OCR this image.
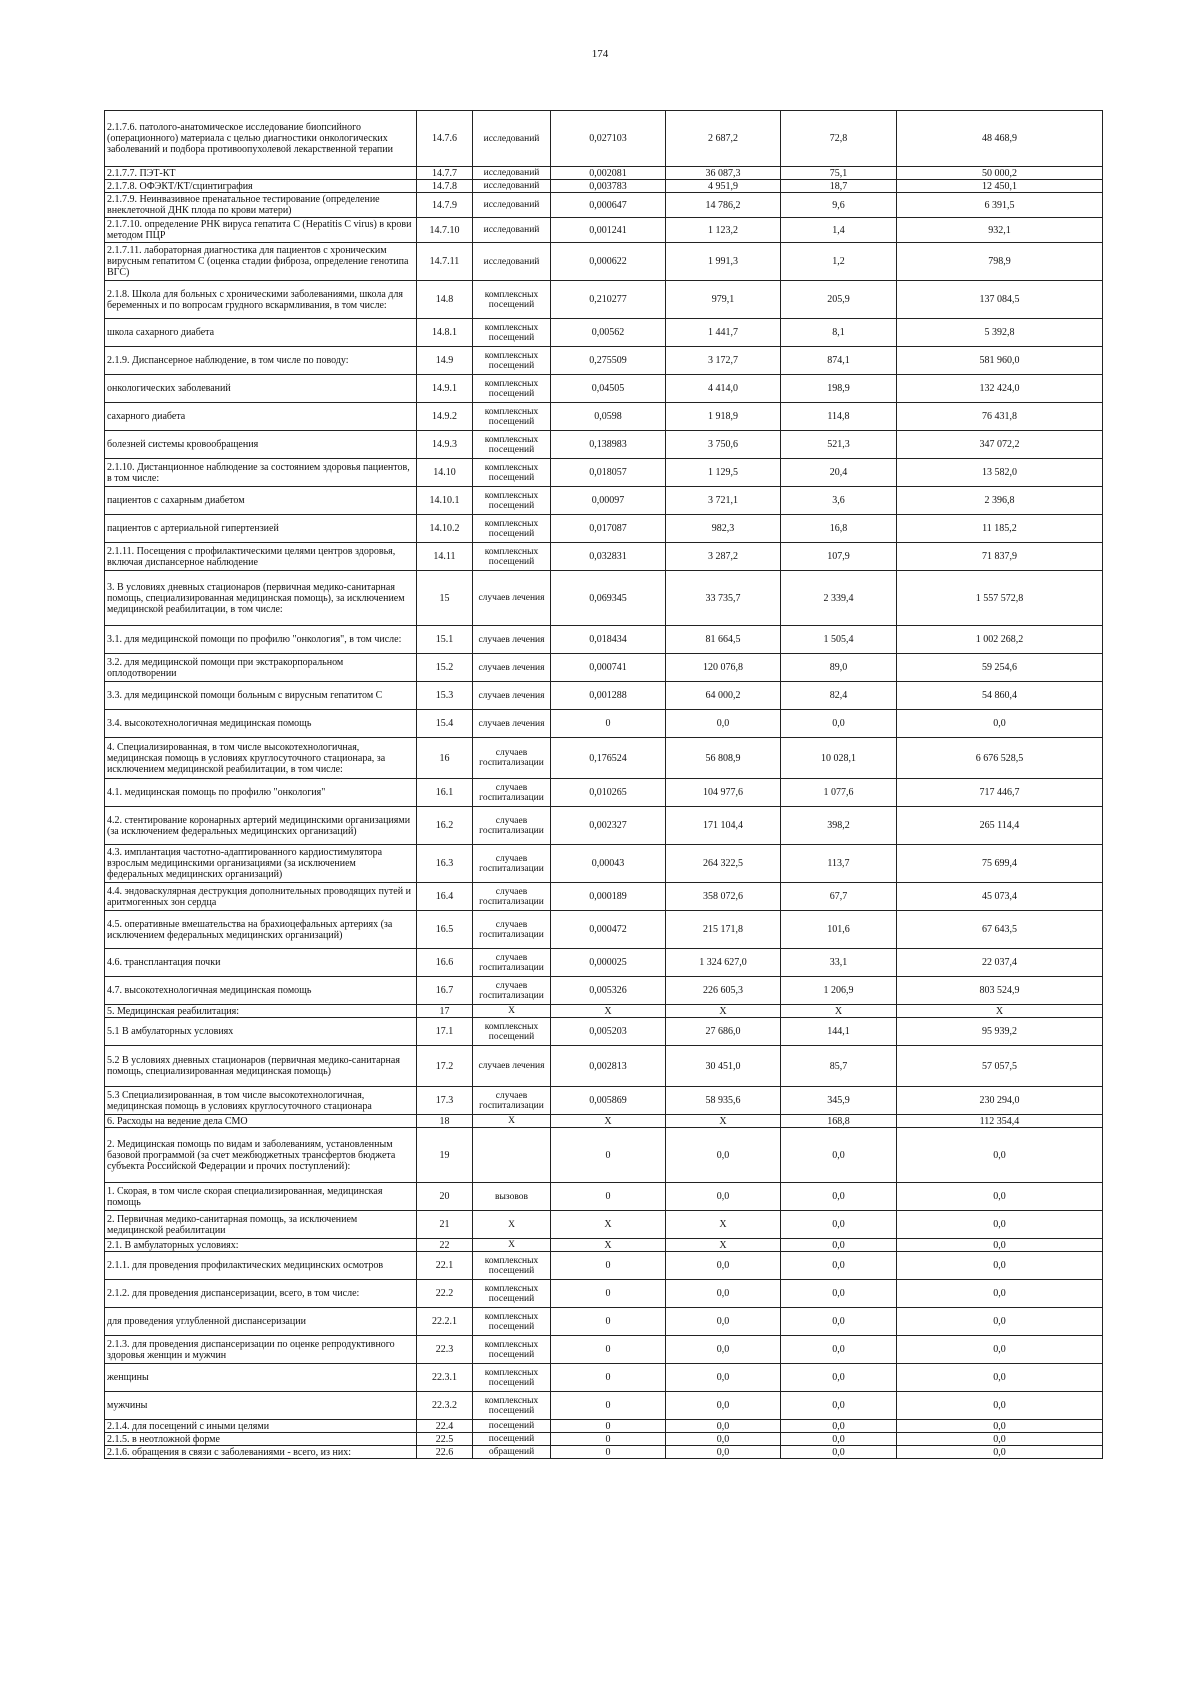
174
2.1.7.6. патолого-анатомическое исследование биопсийного (операционного) материала с целью диагностики онкологических заболеваний и подбора противоопухолевой лекарственной терапии	14.7.6	исследований	0,027103	2 687,2	72,8	48 468,9
2.1.7.7. ПЭТ-КТ	14.7.7	исследований	0,002081	36 087,3	75,1	50 000,2
2.1.7.8. ОФЭКТ/КТ/сцинтиграфия	14.7.8	исследований	0,003783	4 951,9	18,7	12 450,1
2.1.7.9. Неинвазивное пренатальное тестирование (определение внеклеточной ДНК плода по крови матери)	14.7.9	исследований	0,000647	14 786,2	9,6	6 391,5
2.1.7.10. определение РНК вируса гепатита С (Hepatitis C virus) в крови методом ПЦР	14.7.10	исследований	0,001241	1 123,2	1,4	932,1
2.1.7.11. лабораторная диагностика для пациентов с хроническим вирусным гепатитом С (оценка стадии фиброза, определение генотипа ВГС)	14.7.11	исследований	0,000622	1 991,3	1,2	798,9
2.1.8. Школа для больных с хроническими заболеваниями, школа для беременных и по вопросам грудного вскармливания, в том числе:	14.8	комплексных посещений	0,210277	979,1	205,9	137 084,5
школа сахарного диабета	14.8.1	комплексных посещений	0,00562	1 441,7	8,1	5 392,8
2.1.9. Диспансерное наблюдение, в том числе по поводу:	14.9	комплексных посещений	0,275509	3 172,7	874,1	581 960,0
онкологических заболеваний	14.9.1	комплексных посещений	0,04505	4 414,0	198,9	132 424,0
сахарного диабета	14.9.2	комплексных посещений	0,0598	1 918,9	114,8	76 431,8
болезней системы кровообращения	14.9.3	комплексных посещений	0,138983	3 750,6	521,3	347 072,2
2.1.10. Дистанционное наблюдение за состоянием здоровья пациентов, в том числе:	14.10	комплексных посещений	0,018057	1 129,5	20,4	13 582,0
пациентов с сахарным диабетом	14.10.1	комплексных посещений	0,00097	3 721,1	3,6	2 396,8
пациентов с артериальной гипертензией	14.10.2	комплексных посещений	0,017087	982,3	16,8	11 185,2
2.1.11. Посещения с профилактическими целями центров здоровья, включая диспансерное наблюдение	14.11	комплексных посещений	0,032831	3 287,2	107,9	71 837,9
3. В условиях дневных стационаров (первичная медико-санитарная помощь, специализированная медицинская помощь), за исключением медицинской реабилитации, в том числе:	15	случаев лечения	0,069345	33 735,7	2 339,4	1 557 572,8
3.1. для медицинской помощи по профилю "онкология", в том числе:	15.1	случаев лечения	0,018434	81 664,5	1 505,4	1 002 268,2
3.2. для медицинской помощи при экстракорпоральном оплодотворении	15.2	случаев лечения	0,000741	120 076,8	89,0	59 254,6
3.3. для медицинской помощи больным с вирусным гепатитом С	15.3	случаев лечения	0,001288	64 000,2	82,4	54 860,4
3.4. высокотехнологичная медицинская помощь	15.4	случаев лечения	0	0,0	0,0	0,0
4. Специализированная, в том числе высокотехнологичная, медицинская помощь в условиях круглосуточного стационара, за исключением медицинской реабилитации, в том числе:	16	случаев госпитализации	0,176524	56 808,9	10 028,1	6 676 528,5
4.1. медицинская помощь по профилю "онкология"	16.1	случаев госпитализации	0,010265	104 977,6	1 077,6	717 446,7
4.2. стентирование коронарных артерий медицинскими организациями (за исключением федеральных медицинских организаций)	16.2	случаев госпитализации	0,002327	171 104,4	398,2	265 114,4
4.3. имплантация частотно-адаптированного кардиостимулятора взрослым медицинскими организациями (за исключением федеральных медицинских организаций)	16.3	случаев госпитализации	0,00043	264 322,5	113,7	75 699,4
4.4. эндоваскулярная деструкция дополнительных проводящих путей и аритмогенных зон сердца	16.4	случаев госпитализации	0,000189	358 072,6	67,7	45 073,4
4.5. оперативные вмешательства на брахиоцефальных артериях (за исключением федеральных медицинских организаций)	16.5	случаев госпитализации	0,000472	215 171,8	101,6	67 643,5
4.6. трансплантация почки	16.6	случаев госпитализации	0,000025	1 324 627,0	33,1	22 037,4
4.7. высокотехнологичная медицинская помощь	16.7	случаев госпитализации	0,005326	226 605,3	1 206,9	803 524,9
5. Медицинская реабилитация:	17	X	X	X	X	X
5.1 В амбулаторных условиях	17.1	комплексных посещений	0,005203	27 686,0	144,1	95 939,2
5.2 В условиях дневных стационаров (первичная медико-санитарная помощь, специализированная медицинская помощь)	17.2	случаев лечения	0,002813	30 451,0	85,7	57 057,5
5.3 Специализированная, в том числе высокотехнологичная, медицинская помощь в условиях круглосуточного стационара	17.3	случаев госпитализации	0,005869	58 935,6	345,9	230 294,0
6. Расходы на ведение дела СМО	18	X	X	X	168,8	112 354,4
2. Медицинская помощь по видам и заболеваниям, установленным базовой программой (за счет межбюджетных трансфертов бюджета субъекта Российской Федерации и прочих поступлений):	19		0	0,0	0,0	0,0
1. Скорая, в том числе скорая специализированная, медицинская помощь	20	вызовов	0	0,0	0,0	0,0
2. Первичная медико-санитарная помощь, за исключением медицинской реабилитации	21	X	X	X	0,0	0,0
2.1. В амбулаторных условиях:	22	X	X	X	0,0	0,0
2.1.1. для проведения профилактических медицинских осмотров	22.1	комплексных посещений	0	0,0	0,0	0,0
2.1.2. для проведения диспансеризации, всего, в том числе:	22.2	комплексных посещений	0	0,0	0,0	0,0
для проведения углубленной диспансеризации	22.2.1	комплексных посещений	0	0,0	0,0	0,0
2.1.3. для проведения диспансеризации по оценке репродуктивного здоровья женщин и мужчин	22.3	комплексных посещений	0	0,0	0,0	0,0
женщины	22.3.1	комплексных посещений	0	0,0	0,0	0,0
мужчины	22.3.2	комплексных посещений	0	0,0	0,0	0,0
2.1.4. для посещений с иными целями	22.4	посещений	0	0,0	0,0	0,0
2.1.5. в неотложной форме	22.5	посещений	0	0,0	0,0	0,0
2.1.6. обращения в связи с заболеваниями - всего, из них:	22.6	обращений	0	0,0	0,0	0,0
